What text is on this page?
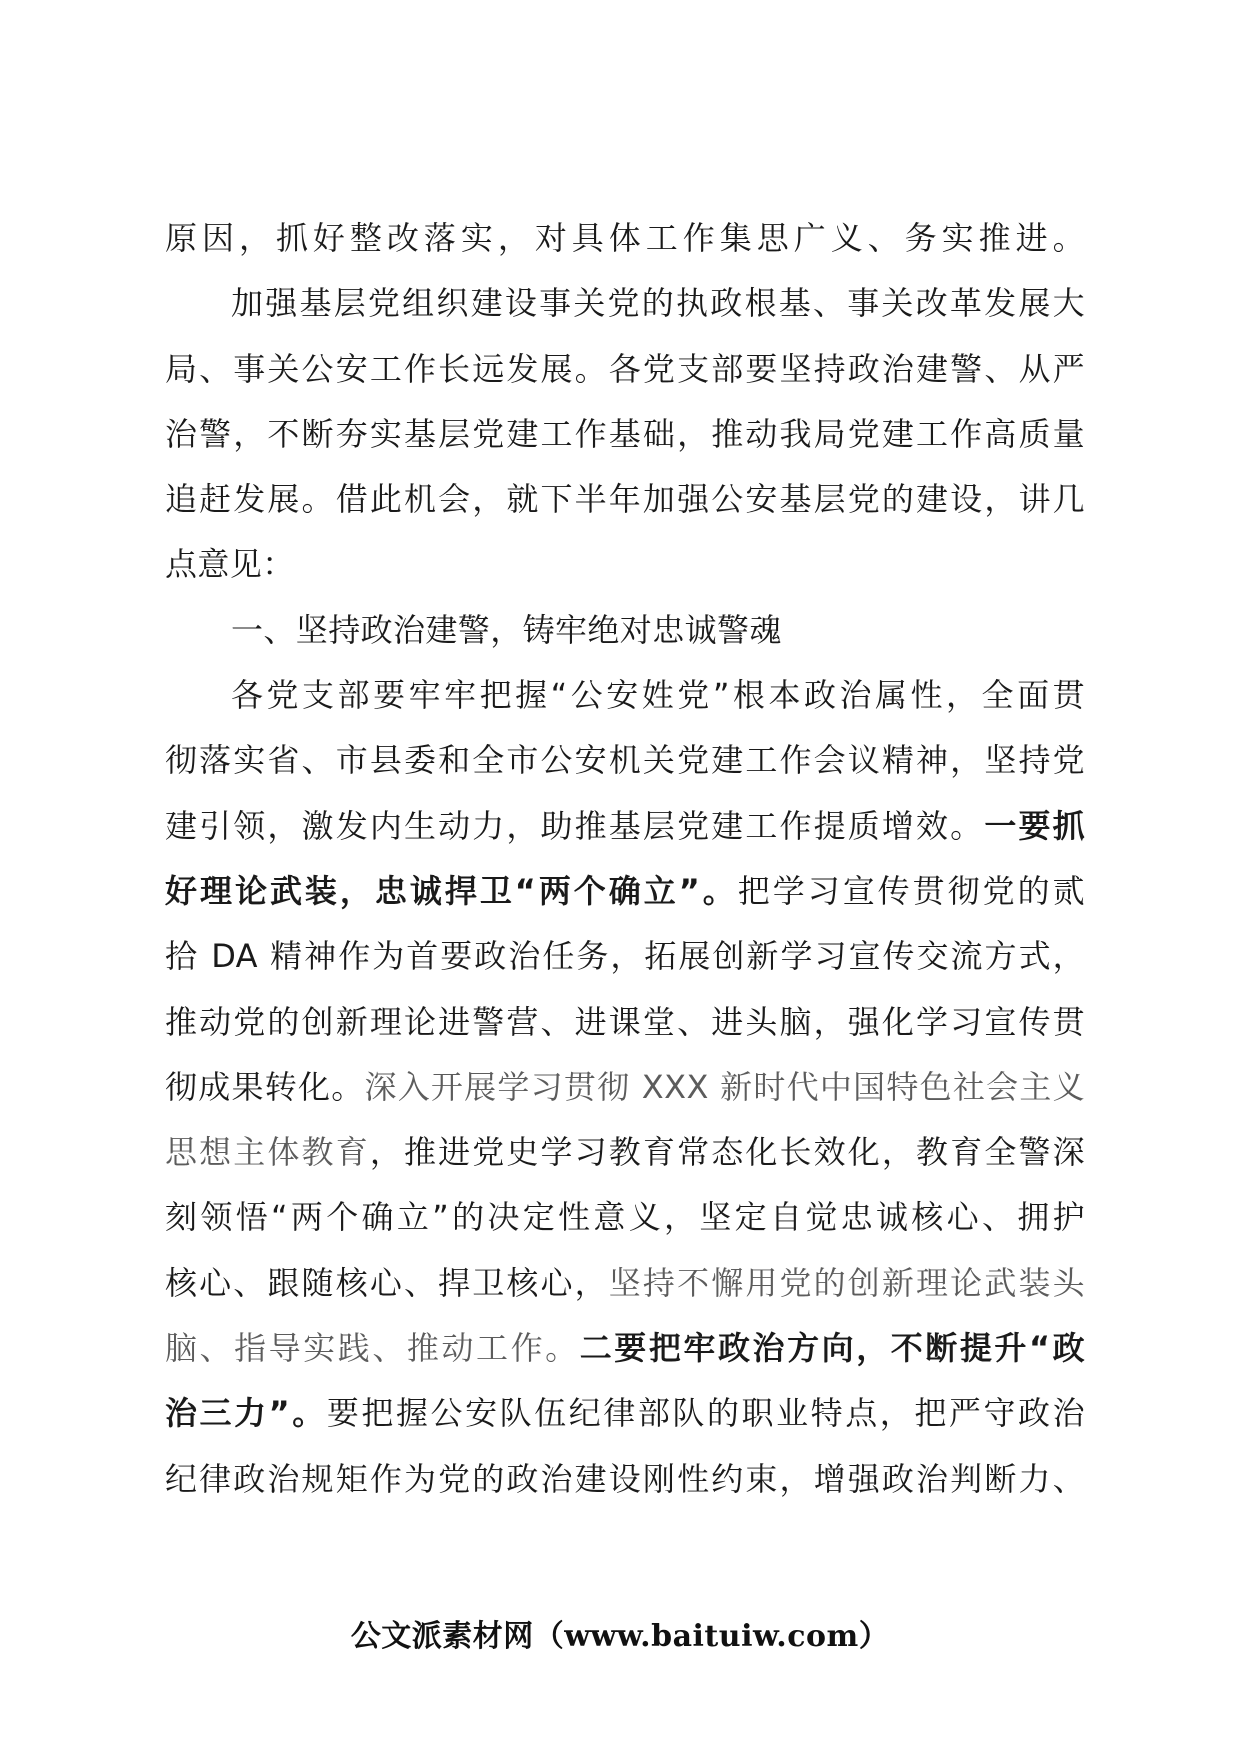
原因，抓好整改落实，对具体工作集思广义、务实推进。
加强基层党组织建设事关党的执政根基、事关改革发展大
局、事关公安工作长远发展。各党支部要坚持政治建警、从严
治警，不断夯实基层党建工作基础，推动我局党建工作高质量
追赶发展。借此机会，就下半年加强公安基层党的建设，讲几
点意见：
一、坚持政治建警，铸牢绝对忠诚警魂
各党支部要牢牢把握“公安姓党”根本政治属性，全面贯
彻落实省、市县委和全市公安机关党建工作会议精神，坚持党
建引领，激发内生动力，助推基层党建工作提质增效。一要抓
好理论武装，忠诚捍卫“两个确立”。把学习宣传贯彻党的贰
拾 DA 精神作为首要政治任务，拓展创新学习宣传交流方式，
推动党的创新理论进警营、进课堂、进头脑，强化学习宣传贯
彻成果转化。深入开展学习贯彻 XXX 新时代中国特色社会主义
思想主体教育，推进党史学习教育常态化长效化，教育全警深
刻领悟“两个确立”的决定性意义，坚定自觉忠诚核心、拥护
核心、跟随核心、捍卫核心，坚持不懈用党的创新理论武装头
脑、指导实践、推动工作。二要把牢政治方向，不断提升“政
治三力”。要把握公安队伍纪律部队的职业特点，把严守政治
纪律政治规矩作为党的政治建设刚性约束，增强政治判断力、
公文派素材网（www.baituiw.com）
